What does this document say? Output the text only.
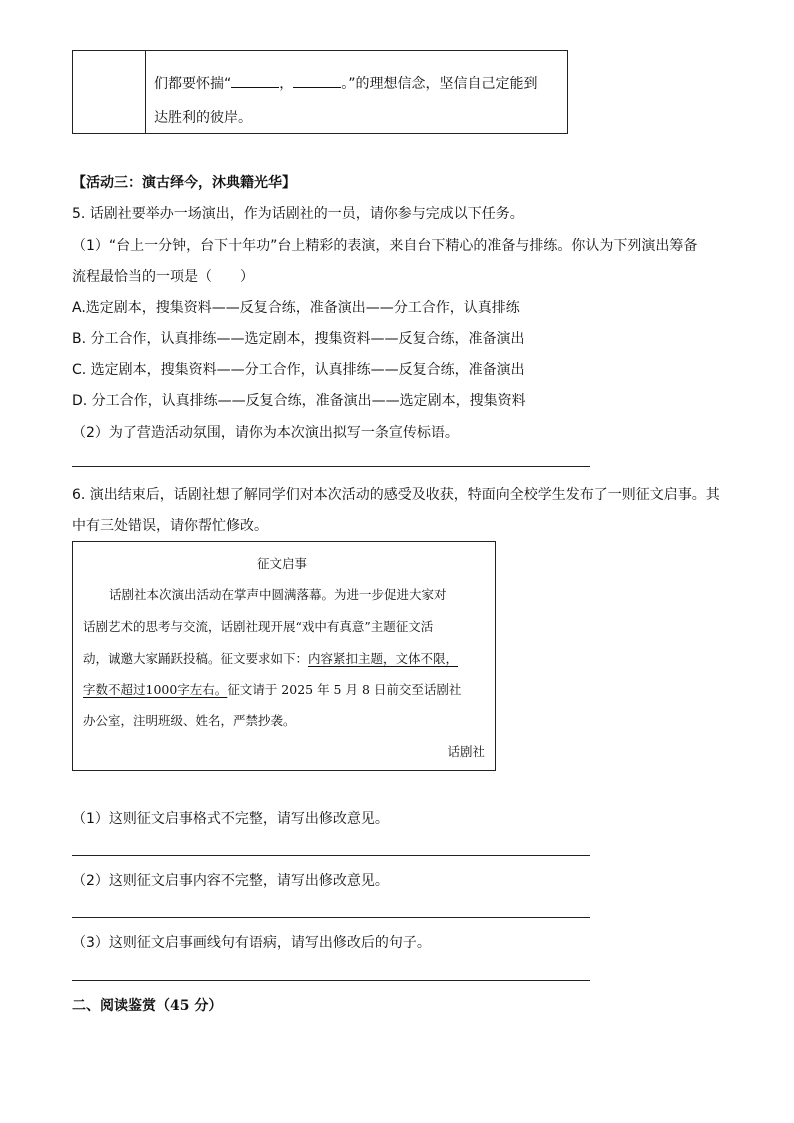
们都要怀揣“	，	。”的理想信念，坚信自己定能到
达胜利的彼岸。
【活动三：演古绎今，沐典籍光华】
5. 话剧社要举办一场演出，作为话剧社的一员，请你参与完成以下任务。
（1）“台上一分钟，台下十年功”台上精彩的表演，来自台下精心的准备与排练。你认为下列演出筹备
流程最恰当的一项是（　　）
A.选定剧本，搜集资料——反复合练，准备演出——分工合作，认真排练
B. 分工合作，认真排练——选定剧本，搜集资料——反复合练，准备演出
C. 选定剧本，搜集资料——分工合作，认真排练——反复合练，准备演出
D. 分工合作，认真排练——反复合练，准备演出——选定剧本，搜集资料
（2）为了营造活动氛围，请你为本次演出拟写一条宣传标语。
6. 演出结束后，话剧社想了解同学们对本次活动的感受及收获，特面向全校学生发布了一则征文启事。其
中有三处错误，请你帮忙修改。
征文启事
话剧社本次演出活动在掌声中圆满落幕。为进一步促进大家对
话剧艺术的思考与交流，话剧社现开展“戏中有真意”主题征文活
动，诚邀大家踊跃投稿。征文要求如下：内容紧扣主题，文体不限，
字数不超过1000字左右。征文请于 2025 年 5 月 8 日前交至话剧社
办公室，注明班级、姓名，严禁抄袭。
话剧社
（1）这则征文启事格式不完整，请写出修改意见。
（2）这则征文启事内容不完整，请写出修改意见。
（3）这则征文启事画线句有语病，请写出修改后的句子。
二、阅读鉴赏（45 分）
